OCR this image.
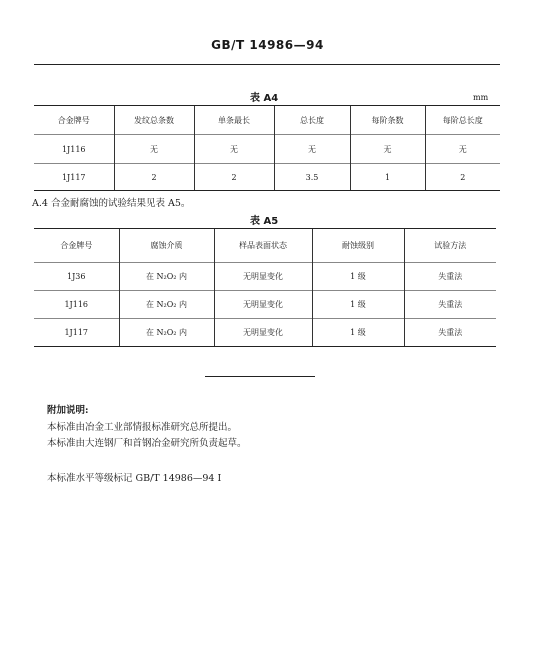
GB/T 14986—94
表 A4	mm
合金牌号	发纹总条数	单条最长	总长度	每阶条数	每阶总长度
1J116	无	无	无	无	无
1J117	2	2	3.5	1	2
A.4 合金耐腐蚀的试验结果见表 A5。
表 A5
合金牌号	腐蚀介质	样品表面状态	耐蚀级别	试验方法
1J36	在 N₂O₂ 内	无明显变化	1 级	失重法
1J116	在 N₂O₂ 内	无明显变化	1 级	失重法
1J117	在 N₂O₂ 内	无明显变化	1 级	失重法
附加说明:
本标准由冶金工业部情报标准研究总所提出。
本标准由大连钢厂和首钢冶金研究所负责起草。
本标准水平等级标记 GB/T 14986—94 I
